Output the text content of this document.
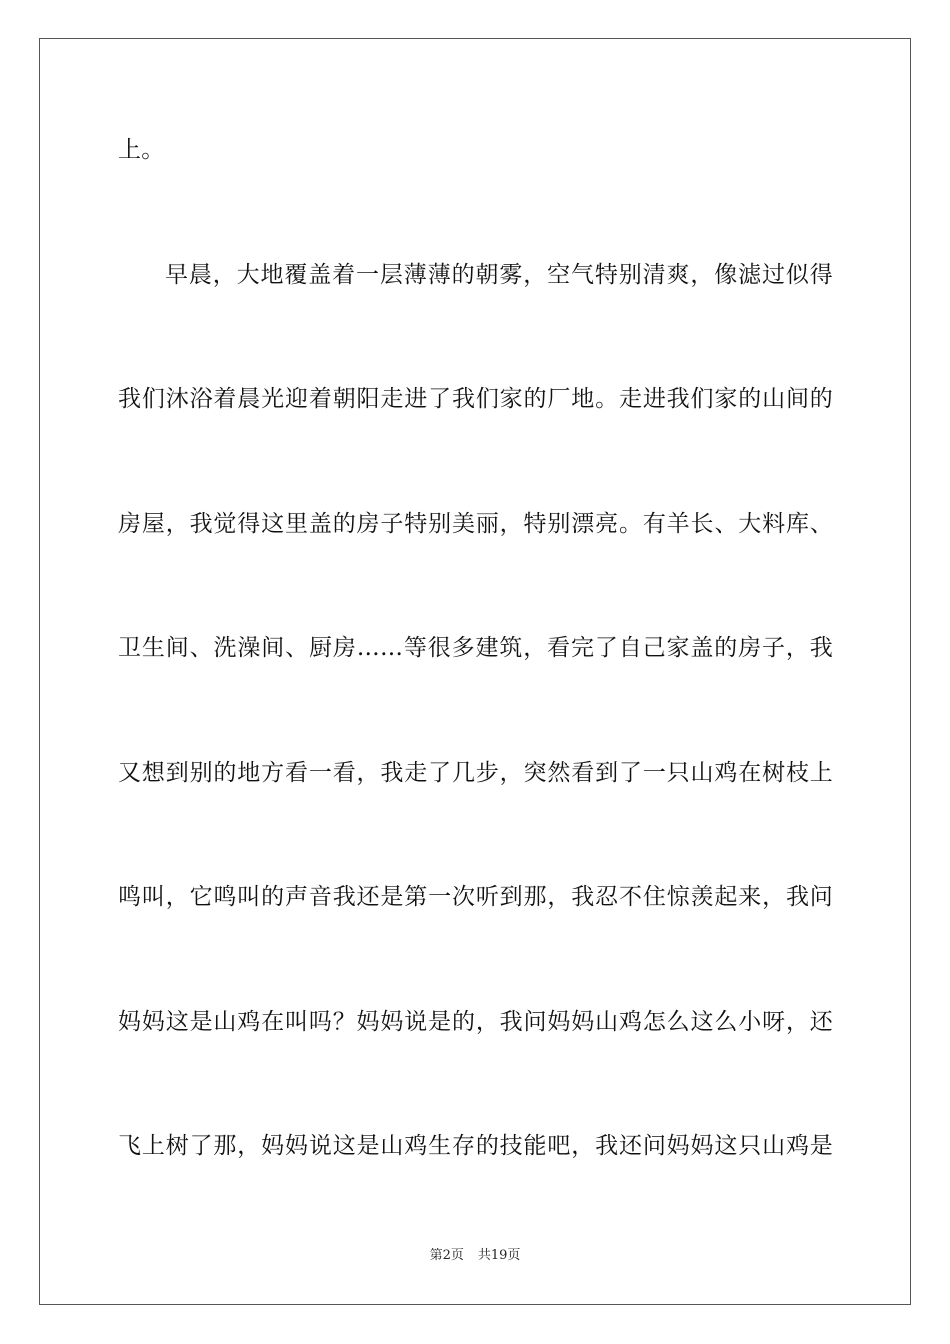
上。
早晨，大地覆盖着一层薄薄的朝雾，空气特别清爽，像滤过似得
我们沐浴着晨光迎着朝阳走进了我们家的厂地。走进我们家的山间的
房屋，我觉得这里盖的房子特别美丽，特别漂亮。有羊长、大料库、
卫生间、洗澡间、厨房……等很多建筑，看完了自己家盖的房子，我
又想到别的地方看一看，我走了几步，突然看到了一只山鸡在树枝上
鸣叫，它鸣叫的声音我还是第一次听到那，我忍不住惊羡起来，我问
妈妈这是山鸡在叫吗？妈妈说是的，我问妈妈山鸡怎么这么小呀，还
飞上树了那，妈妈说这是山鸡生存的技能吧，我还问妈妈这只山鸡是
第2页 共19页
